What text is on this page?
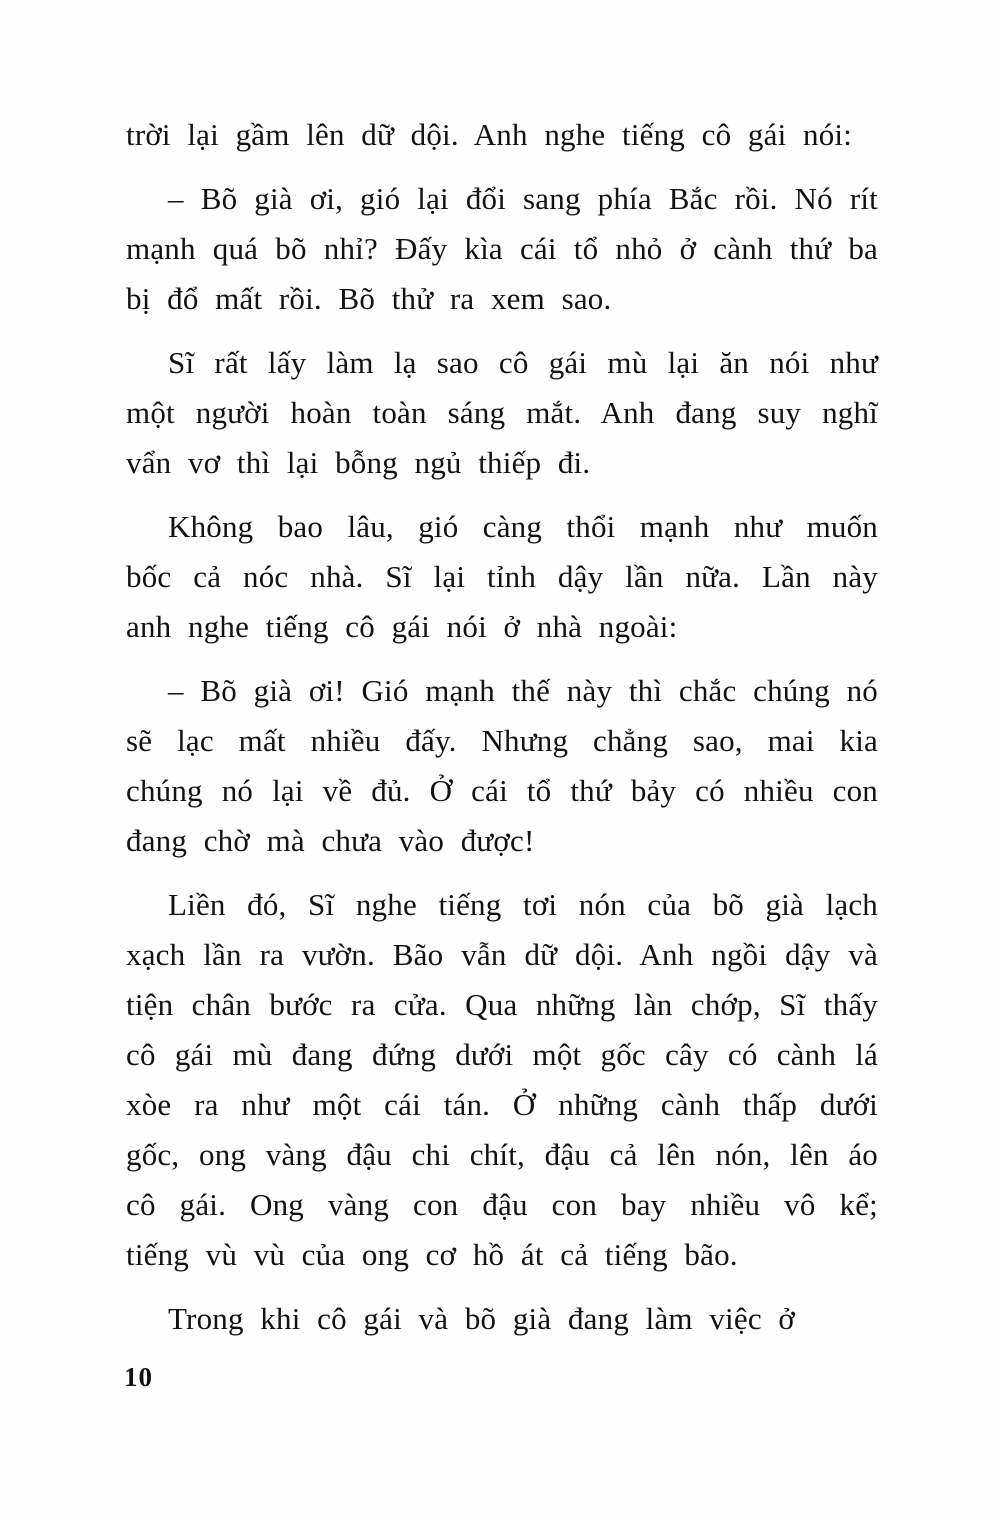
trời lại gầm lên dữ dội. Anh nghe tiếng cô gái nói:

– Bõ già ơi, gió lại đổi sang phía Bắc rồi. Nó rít mạnh quá bõ nhỉ? Đấy kìa cái tổ nhỏ ở cành thứ ba bị đổ mất rồi. Bõ thử ra xem sao.

Sĩ rất lấy làm lạ sao cô gái mù lại ăn nói như một người hoàn toàn sáng mắt. Anh đang suy nghĩ vẩn vơ thì lại bỗng ngủ thiếp đi.

Không bao lâu, gió càng thổi mạnh như muốn bốc cả nóc nhà. Sĩ lại tỉnh dậy lần nữa. Lần này anh nghe tiếng cô gái nói ở nhà ngoài:

– Bõ già ơi! Gió mạnh thế này thì chắc chúng nó sẽ lạc mất nhiều đấy. Nhưng chẳng sao, mai kia chúng nó lại về đủ. Ở cái tổ thứ bảy có nhiều con đang chờ mà chưa vào được!

Liền đó, Sĩ nghe tiếng tơi nón của bõ già lạch xạch lần ra vườn. Bão vẫn dữ dội. Anh ngồi dậy và tiện chân bước ra cửa. Qua những làn chớp, Sĩ thấy cô gái mù đang đứng dưới một gốc cây có cành lá xòe ra như một cái tán. Ở những cành thấp dưới gốc, ong vàng đậu chi chít, đậu cả lên nón, lên áo cô gái. Ong vàng con đậu con bay nhiều vô kể; tiếng vù vù của ong cơ hồ át cả tiếng bão.

Trong khi cô gái và bõ già đang làm việc ở

10
